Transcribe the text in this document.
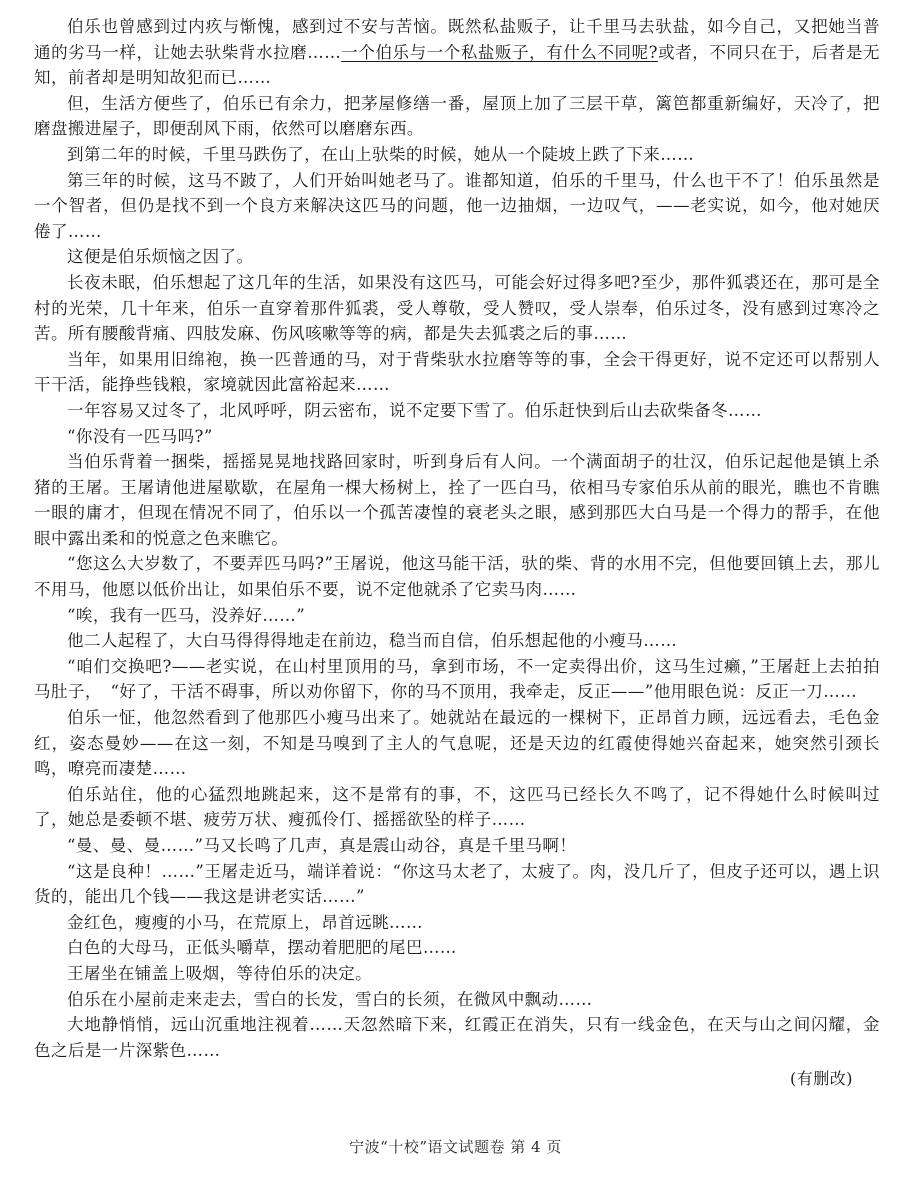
伯乐也曾感到过内疚与惭愧，感到过不安与苦恼。既然私盐贩子，让千里马去驮盐，如今自己，又把她当普通的劣马一样，让她去驮柴背水拉磨……一个伯乐与一个私盐贩子，有什么不同呢?或者，不同只在于，后者是无知，前者却是明知故犯而已……

但，生活方便些了，伯乐已有余力，把茅屋修缮一番，屋顶上加了三层干草，篱笆都重新编好，天冷了，把磨盘搬进屋子，即便刮风下雨，依然可以磨磨东西。

到第二年的时候，千里马跌伤了，在山上驮柴的时候，她从一个陡坡上跌了下来……

第三年的时候，这马不跛了，人们开始叫她老马了。谁都知道，伯乐的千里马，什么也干不了！伯乐虽然是一个智者，但仍是找不到一个良方来解决这匹马的问题，他一边抽烟，一边叹气，——老实说，如今，他对她厌倦了……

这便是伯乐烦恼之因了。

长夜未眠，伯乐想起了这几年的生活，如果没有这匹马，可能会好过得多吧?至少，那件狐裘还在，那可是全村的光荣，几十年来，伯乐一直穿着那件狐裘，受人尊敬，受人赞叹，受人崇奉，伯乐过冬，没有感到过寒冷之苦。所有腰酸背痛、四肢发麻、伤风咳嗽等等的病，都是失去狐裘之后的事……

当年，如果用旧绵袍，换一匹普通的马，对于背柴驮水拉磨等等的事，全会干得更好，说不定还可以帮别人干干活，能挣些钱粮，家境就因此富裕起来……

一年容易又过冬了，北风呼呼，阴云密布，说不定要下雪了。伯乐赶快到后山去砍柴备冬……

“你没有一匹马吗?”

当伯乐背着一捆柴，摇摇晃晃地找路回家时，听到身后有人问。一个满面胡子的壮汉，伯乐记起他是镇上杀猪的王屠。王屠请他进屋歇歇，在屋角一棵大杨树上，拴了一匹白马，依相马专家伯乐从前的眼光，瞧也不肯瞧一眼的庸才，但现在情况不同了，伯乐以一个孤苦凄惶的衰老头之眼，感到那匹大白马是一个得力的帮手，在他眼中露出柔和的悦意之色来瞧它。

“您这么大岁数了，不要弄匹马吗?”王屠说，他这马能干活，驮的柴、背的水用不完，但他要回镇上去，那儿不用马，他愿以低价出让，如果伯乐不要，说不定他就杀了它卖马肉……

“唉，我有一匹马，没养好……”

他二人起程了，大白马得得得地走在前边，稳当而自信，伯乐想起他的小瘦马……

“咱们交换吧?——老实说，在山村里顶用的马，拿到市场，不一定卖得出价，这马生过癞，”王屠赶上去拍拍马肚子，　“好了，干活不碍事，所以劝你留下，你的马不顶用，我牵走，反正——”他用眼色说：反正一刀……

伯乐一怔，他忽然看到了他那匹小瘦马出来了。她就站在最远的一棵树下，正昂首力顾，远远看去，毛色金红，姿态曼妙——在这一刻，不知是马嗅到了主人的气息呢，还是天边的红霞使得她兴奋起来，她突然引颈长鸣，嘹亮而凄楚……

伯乐站住，他的心猛烈地跳起来，这不是常有的事，不，这匹马已经长久不鸣了，记不得她什么时候叫过了，她总是委顿不堪、疲劳万状、瘦孤伶仃、摇摇欲坠的样子……

“曼、曼、曼……”马又长鸣了几声，真是震山动谷，真是千里马啊！

“这是良种！……”王屠走近马，端详着说：“你这马太老了，太疲了。肉，没几斤了，但皮子还可以，遇上识货的，能出几个钱——我这是讲老实话……”

金红色，瘦瘦的小马，在荒原上，昂首远眺……

白色的大母马，正低头嚼草，摆动着肥肥的尾巴……

王屠坐在铺盖上吸烟，等待伯乐的决定。

伯乐在小屋前走来走去，雪白的长发，雪白的长须，在微风中飘动……

大地静悄悄，远山沉重地注视着……天忽然暗下来，红霞正在消失，只有一线金色，在天与山之间闪耀，金色之后是一片深紫色……

(有删改)
宁波“十校”语文试题卷 第 4 页
